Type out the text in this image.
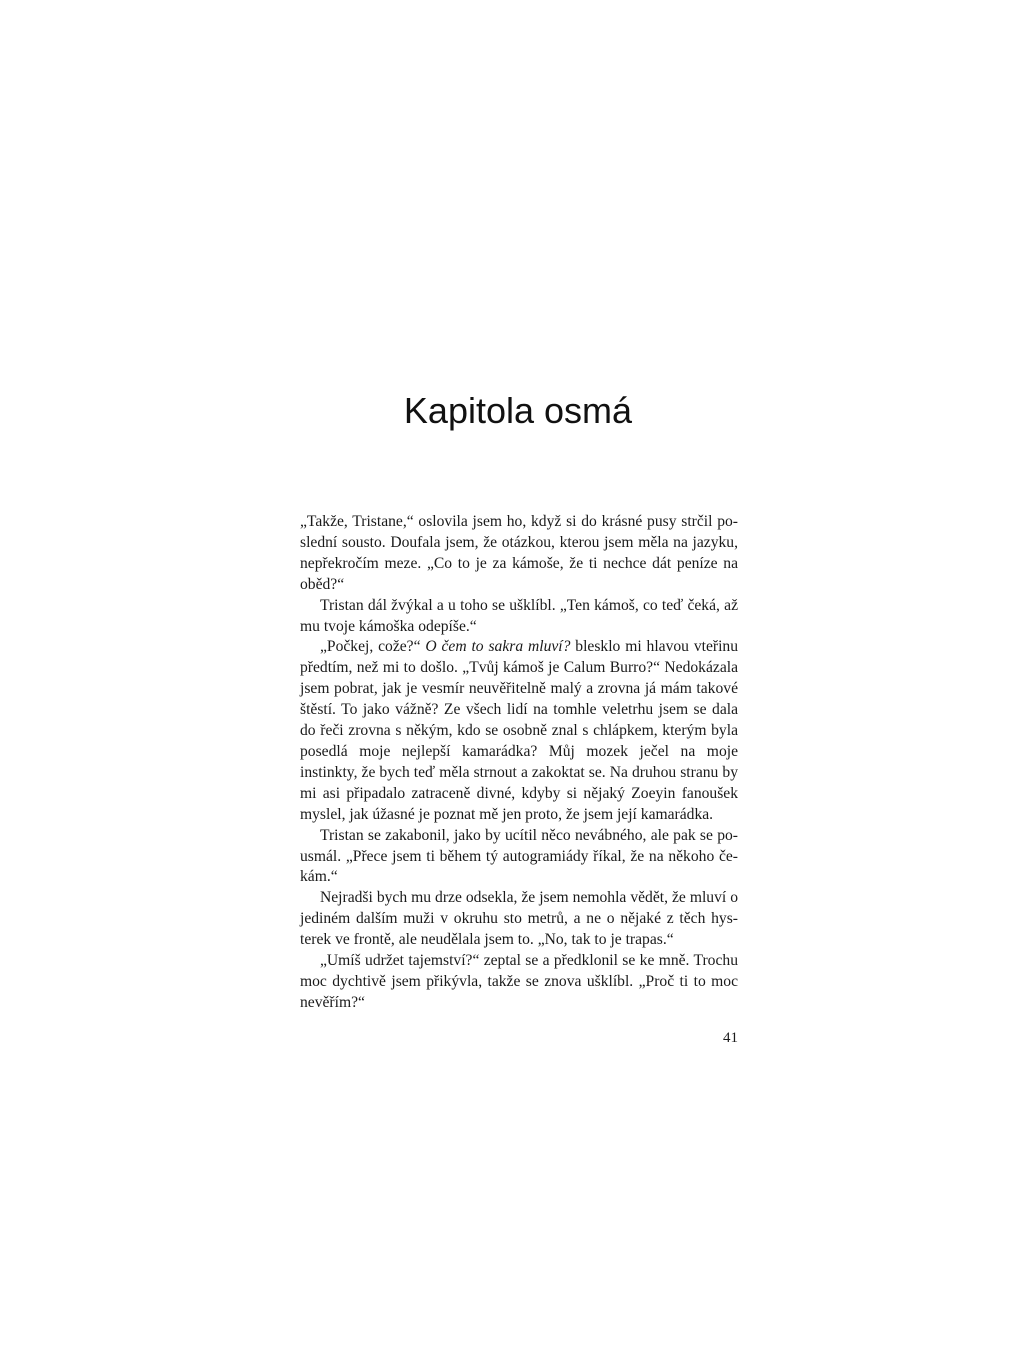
Kapitola osmá

„Takže, Tristane,“ oslovila jsem ho, když si do krásné pusy strčil poslední sousto. Doufala jsem, že otázkou, kterou jsem měla na jazyku, nepřekročím meze. „Co to je za kámoše, že ti nechce dát peníze na oběd?“

Tristan dál žvýkal a u toho se ušklíbl. „Ten kámoš, co teď čeká, až mu tvoje kámoška odepíše.“

„Počkej, cože?“ O čem to sakra mluví? blesklo mi hlavou vteřinu předtím, než mi to došlo. „Tvůj kámoš je Calum Burro?“ Nedokázala jsem pobrat, jak je vesmír neuvěřitelně malý a zrovna já mám takové štěstí. To jako vážně? Ze všech lidí na tomhle veletrhu jsem se dala do řeči zrovna s někým, kdo se osobně znal s chlápkem, kterým byla posedlá moje nejlepší kamarádka? Můj mozek ječel na moje instinkty, že bych teď měla strnout a zakoktat se. Na druhou stranu by mi asi připadalo zatraceně divné, kdyby si nějaký Zoeyin fanoušek myslel, jak úžasné je poznat mě jen proto, že jsem její kamarádka.

Tristan se zakabonil, jako by ucítil něco nevábného, ale pak se pousmál. „Přece jsem ti během tý autogramiády říkal, že na někoho čekám.“

Nejradši bych mu drze odsekla, že jsem nemohla vědět, že mluví o jediném dalším muži v okruhu sto metrů, a ne o nějaké z těch hysterek ve frontě, ale neudělala jsem to. „No, tak to je trapas.“

„Umíš udržet tajemství?“ zeptal se a předklonil se ke mně. Trochu moc dychtivě jsem přikývla, takže se znova ušklíbl. „Proč ti to moc nevěřím?“

41
